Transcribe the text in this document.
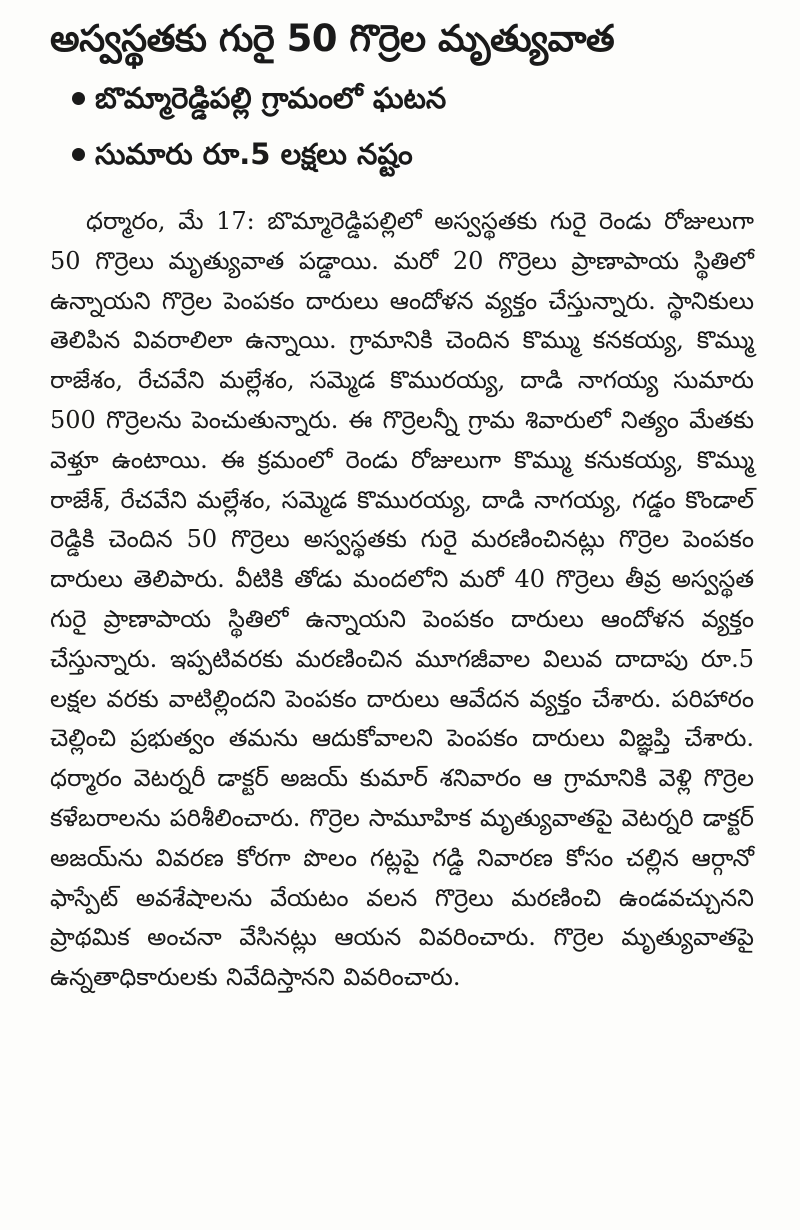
అస్వస్థతకు గురై 50 గొర్రెల మృత్యువాత
బొమ్మారెడ్డిపల్లి గ్రామంలో ఘటన
సుమారు రూ.5 లక్షలు నష్టం

ధర్మారం, మే 17: బొమ్మారెడ్డిపల్లిలో అస్వస్థతకు గురై రెండు రోజులుగా 50 గొర్రెలు మృత్యువాత పడ్డాయి. మరో 20 గొర్రెలు ప్రాణాపాయ స్థితిలో ఉన్నాయని గొర్రెల పెంపకం దారులు ఆందోళన వ్యక్తం చేస్తున్నారు. స్థానికులు తెలిపిన వివరాలిలా ఉన్నాయి. గ్రామానికి చెందిన కొమ్ము కనకయ్య, కొమ్ము రాజేశం, రేచవేని మల్లేశం, సమ్మెడ కొమురయ్య, దాడి నాగయ్య సుమారు 500 గొర్రెలను పెంచుతున్నారు. ఈ గొర్రెలన్నీ గ్రామ శివారులో నిత్యం మేతకు వెళ్తూ ఉంటాయి. ఈ క్రమంలో రెండు రోజులుగా కొమ్ము కనుకయ్య, కొమ్ము రాజేశ్, రేచవేని మల్లేశం, సమ్మెడ కొమురయ్య, దాడి నాగయ్య, గడ్డం కొండాల్ రెడ్డికి చెందిన 50 గొర్రెలు అస్వస్థతకు గురై మరణించినట్లు గొర్రెల పెంపకం దారులు తెలిపారు. వీటికి తోడు మందలోని మరో 40 గొర్రెలు తీవ్ర అస్వస్థత గురై ప్రాణాపాయ స్థితిలో ఉన్నాయని పెంపకం దారులు ఆందోళన వ్యక్తం చేస్తున్నారు. ఇప్పటివరకు మరణించిన మూగజీవాల విలువ దాదాపు రూ.5 లక్షల వరకు వాటిల్లిందని పెంపకం దారులు ఆవేదన వ్యక్తం చేశారు. పరిహారం చెల్లించి ప్రభుత్వం తమను ఆదుకోవాలని పెంపకం దారులు విజ్ఞప్తి చేశారు. ధర్మారం వెటర్నరీ డాక్టర్ అజయ్ కుమార్ శనివారం ఆ గ్రామానికి వెళ్లి గొర్రెల కళేబరాలను పరిశీలించారు. గొర్రెల సామూహిక మృత్యువాతపై వెటర్నరి డాక్టర్ అజయ్‌ను వివరణ కోరగా పొలం గట్లపై గడ్డి నివారణ కోసం చల్లిన ఆర్గానో ఫాస్పేట్ అవశేషాలను వేయటం వలన గొర్రెలు మరణించి ఉండవచ్చునని ప్రాథమిక అంచనా వేసినట్లు ఆయన వివరించారు. గొర్రెల మృత్యువాతపై ఉన్నతాధికారులకు నివేదిస్తానని వివరించారు.
